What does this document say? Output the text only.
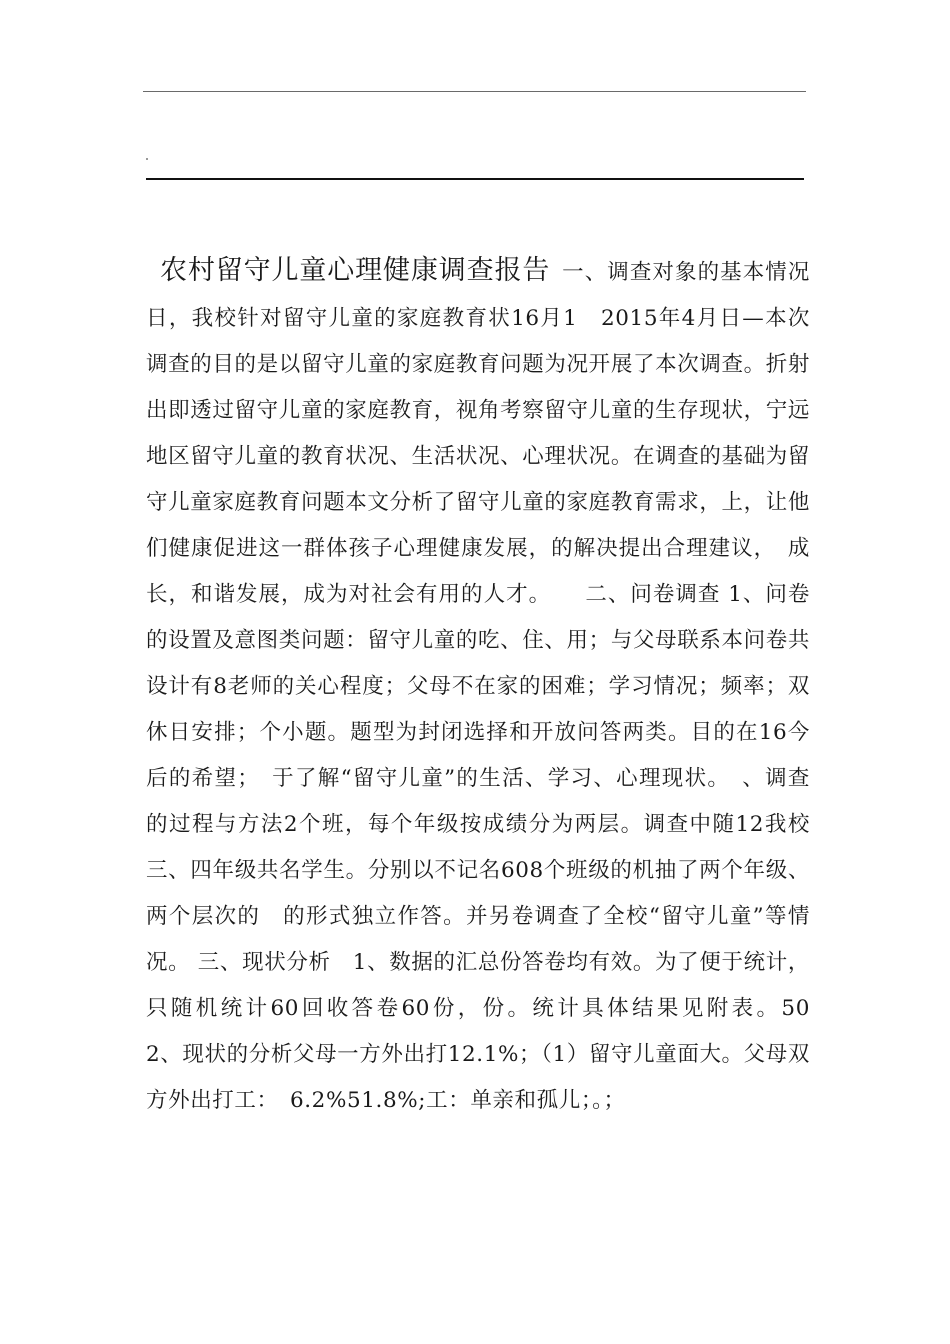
农村留守儿童心理健康调查报告  一、调查对象的基本情况日，我校针对留守儿童的家庭教育状16月1　2015年4月日—本次调查的目的是以留守儿童的家庭教育问题为况开展了本次调查。折射出即透过留守儿童的家庭教育，视角考察留守儿童的生存现状，宁远地区留守儿童的教育状况、生活状况、心理状况。在调查的基础为留守儿童家庭教育问题本文分析了留守儿童的家庭教育需求，上，让他们健康促进这一群体孩子心理健康发展，的解决提出合理建议，　成长，和谐发展，成为对社会有用的人才。　　二、问卷调查 1、问卷的设置及意图类问题：留守儿童的吃、住、用；与父母联系本问卷共设计有8老师的关心程度；父母不在家的困难；学习情况；频率；双休日安排；个小题。题型为封闭选择和开放问答两类。目的在16今后的希望；　于了解“留守儿童”的生活、学习、心理现状。　、调查的过程与方法2个班，每个年级按成绩分为两层。调查中随12我校三、四年级共名学生。分别以不记名608个班级的机抽了两个年级、两个层次的　的形式独立作答。并另卷调查了全校“留守儿童”等情况。 三、现状分析　1、数据的汇总份答卷均有效。为了便于统计，只随机统计60回收答卷60份，份。统计具体结果见附表。50　　　2、现状的分析父母一方外出打12.1%；（1）留守儿童面大。父母双方外出打工：　6.2%51.8%;工：单亲和孤儿；。；
